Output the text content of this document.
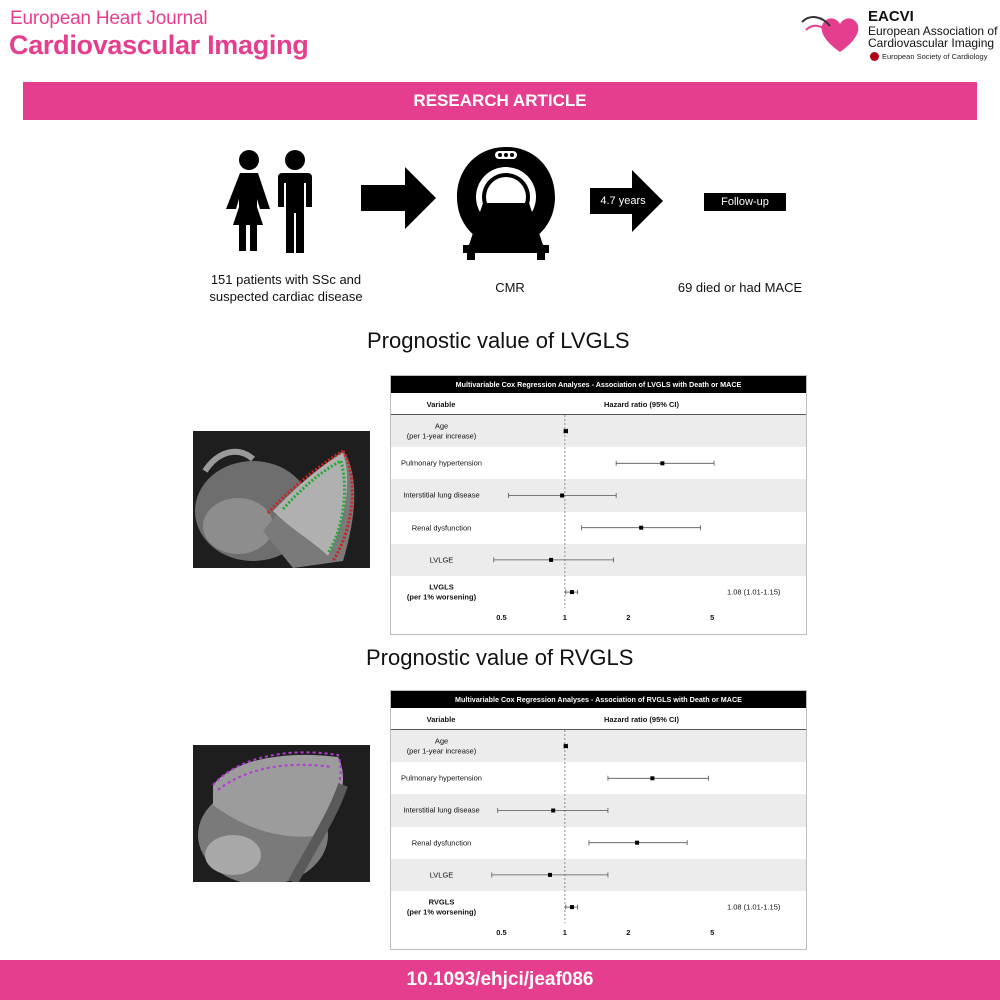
European Heart Journal
Cardiovascular Imaging
EACVI
European Association of
Cardiovascular Imaging
European Society of Cardiology
RESEARCH ARTICLE
4.7 years	Follow-up
151 patients with SSc and
suspected cardiac disease
CMR	69 died or had MACE
Prognostic value of LVGLS
Multivariable Cox Regression Analyses - Association of LVGLS with Death or MACE
Variable	Hazard ratio (95% CI)
Age
(per 1-year increase)
Pulmonary hypertension
Interstitial lung disease
Renal dysfunction
LVLGE
LVGLS
(per 1% worsening)	1.08 (1.01-1.15)
0.5	1	2	5
Prognostic value of RVGLS
Multivariable Cox Regression Analyses - Association of RVGLS with Death or MACE
Variable	Hazard ratio (95% CI)
Age
(per 1-year increase)
Pulmonary hypertension
Interstitial lung disease
Renal dysfunction
LVLGE
RVGLS
(per 1% worsening)	1.08 (1.01-1.15)
0.5	1	2	5
10.1093/ehjci/jeaf086
